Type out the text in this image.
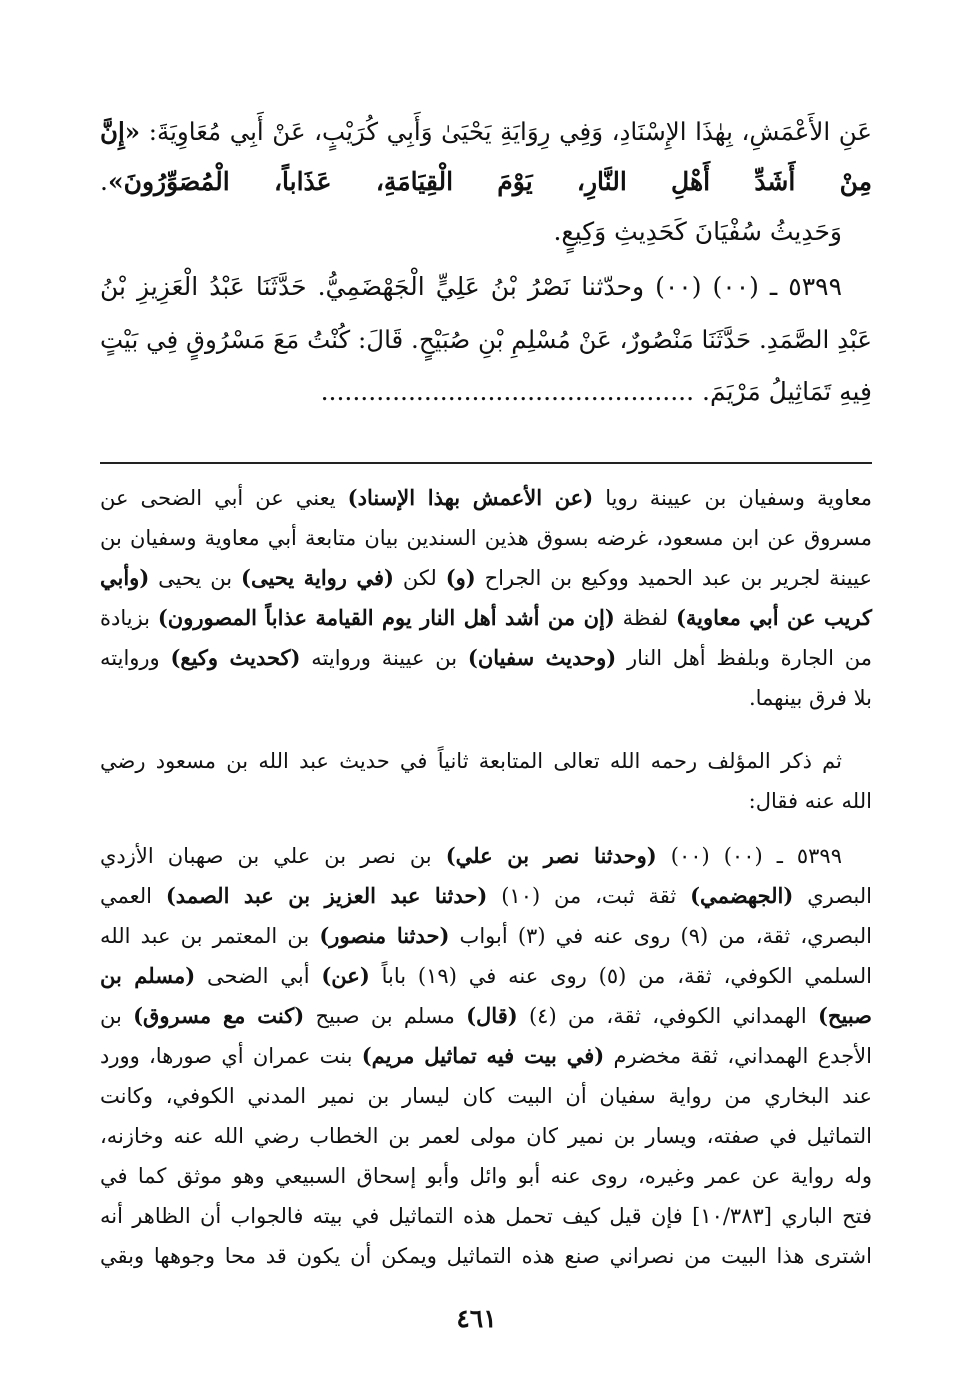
عَنِ الأَعْمَشِ، بِهٰذَا الإِسْنَادِ، وَفِي رِوَايَةِ يَحْيَىٰ وَأَبِي كُرَيْبٍ، عَنْ أَبِي مُعَاوِيَةَ: «إِنَّ
مِنْ أَشَدِّ أَهْلِ النَّارِ، يَوْمَ الْقِيَامَةِ، عَذَاباً، الْمُصَوِّرُونَ».
وَحَدِيثُ سُفْيَانَ كَحَدِيثِ وَكِيعٍ.
٥٣٩٩ ـ (٠٠) (٠٠) وحدّثنا نَصْرُ بْنُ عَلِيٍّ الْجَهْضَمِيُّ. حَدَّثَنَا عَبْدُ الْعَزِيزِ بْنُ
عَبْدِ الصَّمَدِ. حَدَّثَنَا مَنْصُورٌ، عَنْ مُسْلِمِ بْنِ صُبَيْحٍ. قَالَ: كُنْتُ مَعَ مَسْرُوقٍ فِي بَيْتٍ
فِيهِ تَمَاثِيلُ مَرْيَمَ. ...............................................
معاوية وسفيان بن عيينة رويا (عن الأعمش بهذا الإسناد) يعني عن أبي الضحى عن
مسروق عن ابن مسعود، غرضه بسوق هذين السندين بيان متابعة أبي معاوية وسفيان بن
عيينة لجرير بن عبد الحميد ووكيع بن الجراح (و) لكن (في رواية يحيى) بن يحيى (وأبي
كريب عن أبي معاوية) لفظة (إن من أشد أهل النار يوم القيامة عذاباً المصورون) بزيادة
من الجارة وبلفظ أهل النار (وحديث سفيان) بن عيينة وروايته (كحديث وكيع) وروايته
بلا فرق بينهما.
ثم ذكر المؤلف رحمه الله تعالى المتابعة ثانياً في حديث عبد الله بن مسعود رضي
الله عنه فقال:
٥٣٩٩ ـ (٠٠) (٠٠) (وحدثنا نصر بن علي) بن نصر بن علي بن صهبان الأزدي
البصري (الجهضمي) ثقة ثبت، من (١٠) (حدثنا عبد العزيز بن عبد الصمد) العمي
البصري، ثقة، من (٩) روى عنه في (٣) أبواب (حدثنا منصور) بن المعتمر بن عبد الله
السلمي الكوفي، ثقة، من (٥) روى عنه في (١٩) باباً (عن) أبي الضحى (مسلم بن
صبيح) الهمداني الكوفي، ثقة، من (٤) (قال) مسلم بن صبيح (كنت مع مسروق) بن
الأجدع الهمداني، ثقة مخضرم (في بيت فيه تماثيل مريم) بنت عمران أي صورها، وورد
عند البخاري من رواية سفيان أن البيت كان ليسار بن نمير المدني الكوفي، وكانت
التماثيل في صفته، ويسار بن نمير كان مولى لعمر بن الخطاب رضي الله عنه وخازنه،
وله رواية عن عمر وغيره، روى عنه أبو وائل وأبو إسحاق السبيعي وهو موثق كما في
فتح الباري [١٠/٣٨٣] فإن قيل كيف تحمل هذه التماثيل في بيته فالجواب أن الظاهر أنه
اشترى هذا البيت من نصراني صنع هذه التماثيل ويمكن أن يكون قد محا وجوهها وبقي
٤٦١
